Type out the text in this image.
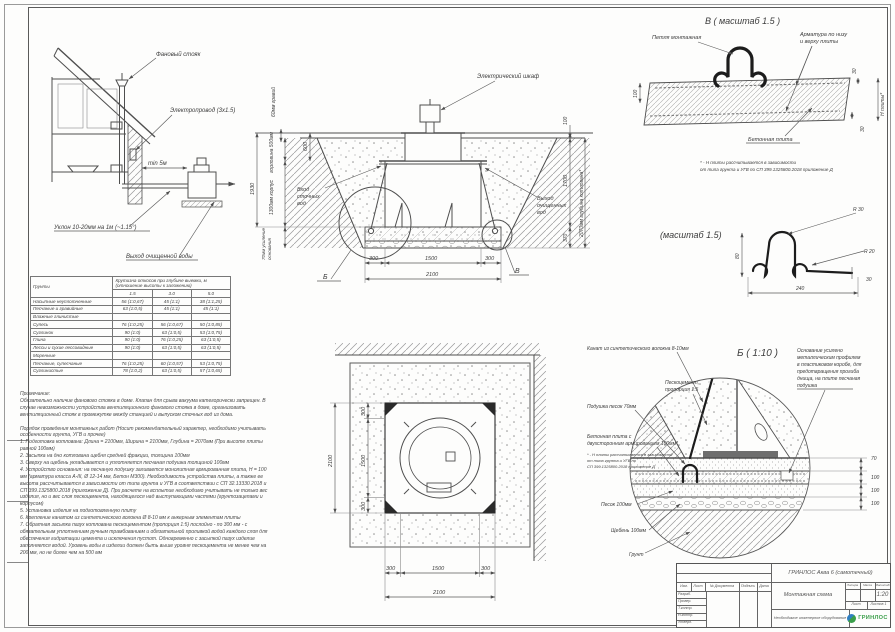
min 5м
Фановый стояк
Электропровод (3x1.5)
Уклон 10-20мм на 1м (~1.15°)
Выход очищенной воды
Электрический шкаф
Вход
сточных
вод
Выход
очищенных
вод
1930
60мм гравий
горловина 500мм
1300мм корпус
70мм усиление основания
600
100
1700
370
2070мм глубина котлована*
300	1500	300
2100
Б
В
В ( масштаб 1.5 )
Петля монтажная	Арматура по низу
и верху плиты
Бетонная плита
100
30
30
Н плиты*
* - Н плиты рассчитывается в зависимости
от типа грунта и УГВ по СП 399.1325800.2018 приложение Д
(масштаб 1.5)
80
240
R 30
R 20
30
Б ( 1:10 )
Канат из синтетического волокна 8-10мм
Пескоцемент,
пропорция 1:5
Подушка песок 70мм
Бетонная плита с
двухсторонним армированием 100мм*
* - Н плиты рассчитывается в зависимости
от типа грунта и УГВ по
СП 399.1325800.2018 приложение Д
Песок 100мм
Щебень 100мм
Грунт
Основание усилено
металлическим профилем
в пластиковом коробе, для
предотвращения прогиба
днища, на плите песчаная
подушка
70
100
100
100
300
1500
300
2100
300	1500	300
2100
Грунты	Крутизна откосов при глубине выемки, м (отношение высоты к заложению)		
	1.5	3.0	5.0
Насыпные неуплотненные	56 (1:0,67)	45 (1:1)	38 (1:1,25)
Песчаные и гравийные	63 (1:0,5)	45 (1:1)	45 (1:1)
Влажные глинистые			
Супесь	76 (1:0,25)	56 (1:0,67)	50 (1:0,85)
Суглинок	90 (1:0)	63 (1:0,5)	53 (1:0,75)
Глина	90 (1:0)	76 (1:0,25)	63 (1:0,5)
Лессы и сухие лессовидные	90 (1:0)	63 (1:0,5)	63 (1:0,5)
Моренные			
Песчаные, супесчаные	76 (1:0,25)	60 (1:0,57)	53 (1:0,75)
Суглинистые	78 (1:0,2)	63 (1:0,5)	57 (1:0,65)
Примечание:
Обязательно наличие фанового стояка в доме. Клапан для срыва вакуума категорически запрещен. В случае невозможности устройства вентиляционного фанового стояка в доме, организовать вентиляционный стояк в промежутке между станцией и выпуском сточных вод из дома.
Порядок проведения монтажных работ (Носит рекомендательный характер, необходимо учитывать особенности грунта, УГВ и прочее)
1. Подготовка котлована: Длина = 2100мм, Ширина = 2100мм, Глубина = 2070мм (При высоте плиты равной 100мм)
2. Засыпка на дно котлована щебня средней фракции, толщина 100мм
3. Сверху на щебень укладывается и уплотняется песчаная подушка толщиной 100мм
4. Устройство основания: на песчаную подушку заливается монолитная армированная плита, Н = 100 мм (арматура класса А-III, Ø 12-14 мм, Бетон М300). Необходимость устройства плиты, а также ее высота рассчитывается в зависимости от типа грунта и УГВ в соответствии с СП 32.13330.2018 и СП 399.1325800.2018 (приложение Д). При расчете на всплытие необходимо учитывать не только вес изделия, но и вес слоя пескоцемента, находящегося над выступающими частями (грунтозацепами и корпусом)
5. Установка изделия на подготовленную плиту
6. Крепление канатом из синтетического волокна Ø 8-10 мм к анкерным элементам плиты
7. Обратная засыпка пазух котлована пескоцементом (пропорция 1:5) послойно - по 300 мм - с обязательным уплотнением ручным трамбованием и обязательной проливкой водой каждого слоя для обеспечения гидратации цемента и исключения пустот. Одновременно с засыпкой пазух изделие заполняется водой. Уровень воды в изделии должен быть выше уровня пескоцемента не менее чем на 200 мм, но не более чем на 500 мм
Изм.	Лист	№ Документа	Подпись	Дата
Разраб.
Провер.
Т.контр.
Н.контр.
Утверд.
ГРИНЛОС Аква 6 (самотечный)
Монтажная схема
Литера	Масса	Масштаб
1:20
Лист	Листов 1
Необходимое инженерное оборудование	ГРИНЛОС
